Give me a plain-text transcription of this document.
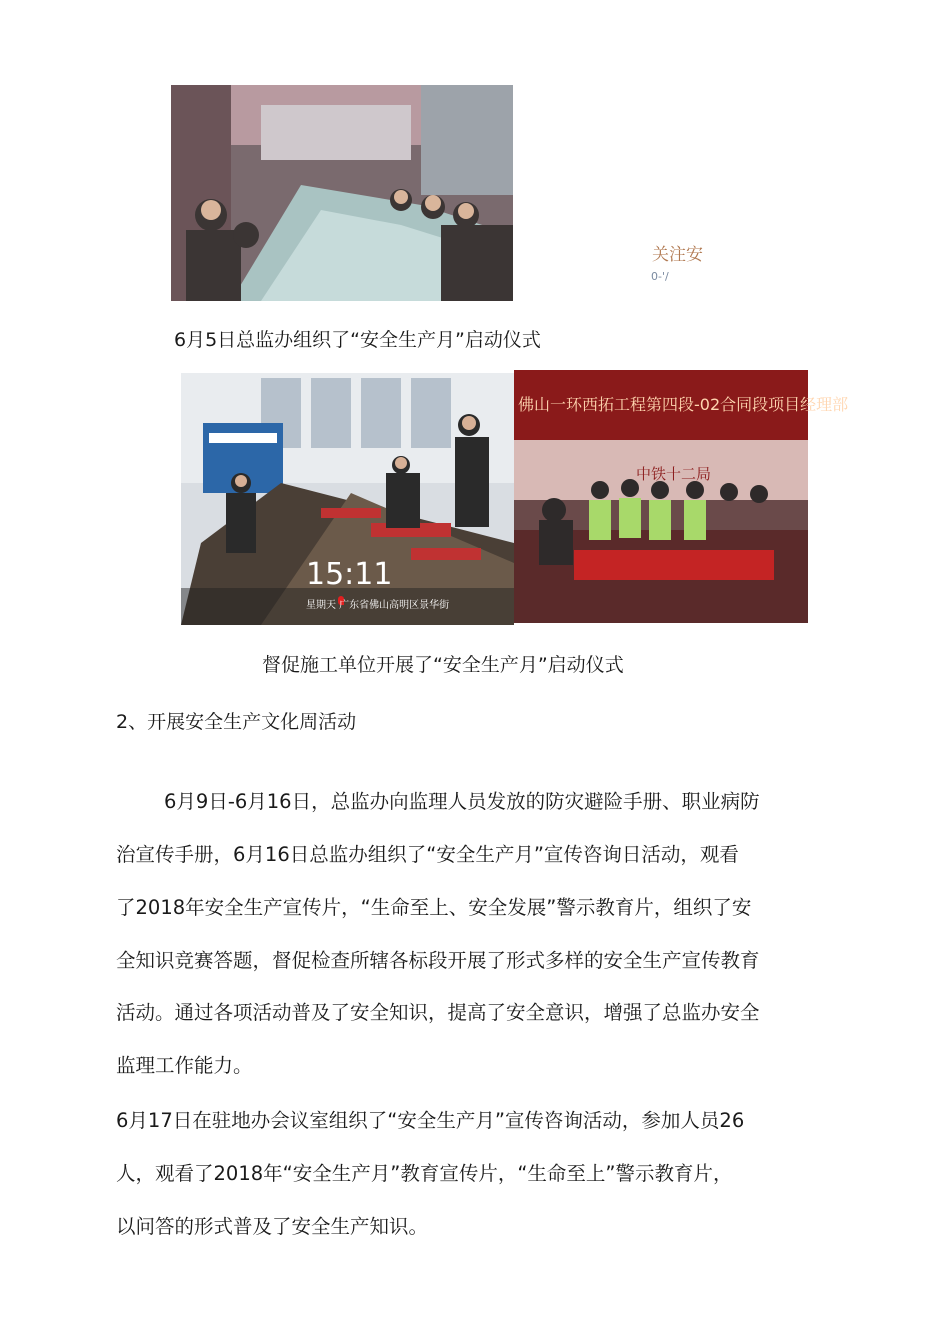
关注安
0-'/
6月5日总监办组织了“安全生产月”启动仪式
15:11
星期天 广东省佛山高明区景华街
佛山一环西拓工程第四段-02合同段项目经理部
中铁十二局
督促施工单位开展了“安全生产月”启动仪式
2、开展安全生产文化周活动
6月9日-6月16日，总监办向监理人员发放的防灾避险手册、职业病防
治宣传手册，6月16日总监办组织了“安全生产月”宣传咨询日活动，观看
了2018年安全生产宣传片，“生命至上、安全发展”警示教育片，组织了安
全知识竞赛答题，督促检查所辖各标段开展了形式多样的安全生产宣传教育
活动。通过各项活动普及了安全知识，提高了安全意识，增强了总监办安全
监理工作能力。
6月17日在驻地办会议室组织了“安全生产月”宣传咨询活动，参加人员26
人，观看了2018年“安全生产月”教育宣传片，“生命至上”警示教育片，
以问答的形式普及了安全生产知识。
